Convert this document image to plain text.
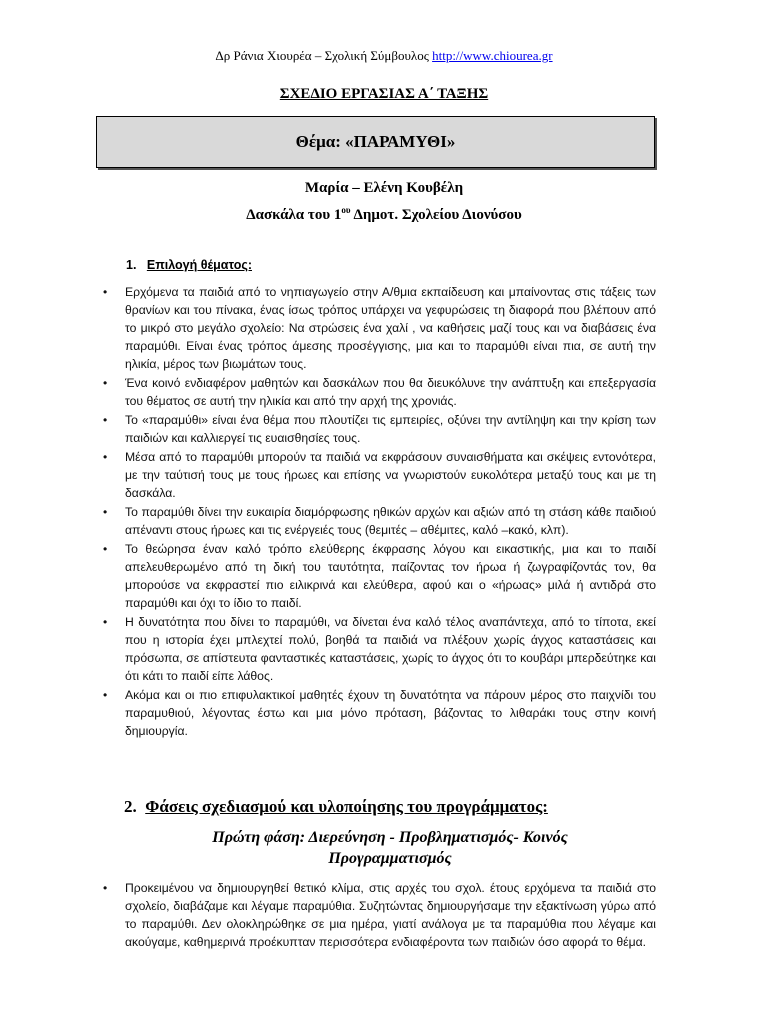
Δρ Ράνια Χιουρέα – Σχολική Σύμβουλος http://www.chiourea.gr
ΣΧΕΔΙΟ ΕΡΓΑΣΙΑΣ Α΄ ΤΑΞΗΣ
Θέμα: «ΠΑΡΑΜΥΘΙ»
Μαρία – Ελένη Κουβέλη
Δασκάλα του $1^{o\upsilon}$ Δημοτ. Σχολείου Διονύσου
1. Επιλογή θέματος:
• Ερχόμενα τα παιδιά από το νηπιαγωγείο στην Α/θμια εκπαίδευση και μπαίνοντας στις τάξεις των θρανίων και του πίνακα, ένας ίσως τρόπος υπάρχει να γεφυρώσεις τη διαφορά που βλέπουν από το μικρό στο μεγάλο σχολείο: Να στρώσεις ένα χαλί , να καθήσεις μαζί τους και να διαβάσεις ένα παραμύθι. Είναι ένας τρόπος άμεσης προσέγγισης, μια και το παραμύθι είναι πια, σε αυτή την ηλικία, μέρος των βιωμάτων τους.
• Ένα κοινό ενδιαφέρον μαθητών και δασκάλων που θα διευκόλυνε την ανάπτυξη και επεξεργασία του θέματος σε αυτή την ηλικία και από την αρχή της χρονιάς.
• Το «παραμύθι» είναι ένα θέμα που πλουτίζει τις εμπειρίες, οξύνει την αντίληψη και την κρίση των παιδιών και καλλιεργεί τις ευαισθησίες τους.
• Μέσα από το παραμύθι μπορούν τα παιδιά να εκφράσουν συναισθήματα και σκέψεις εντονότερα, με την ταύτισή τους με τους ήρωες και επίσης να γνωριστούν ευκολότερα μεταξύ τους και με τη δασκάλα.
• Το παραμύθι δίνει την ευκαιρία διαμόρφωσης ηθικών αρχών και αξιών από τη στάση κάθε παιδιού απέναντι στους ήρωες και τις ενέργειές τους (θεμιτές – αθέμιτες, καλό –κακό, κλπ).
• Το θεώρησα έναν καλό τρόπο ελεύθερης έκφρασης λόγου και εικαστικής, μια και το παιδί απελευθερωμένο από τη δική του ταυτότητα, παίζοντας τον ήρωα ή ζωγραφίζοντάς τον, θα μπορούσε να εκφραστεί πιο ειλικρινά και ελεύθερα, αφού και ο «ήρωας» μιλά ή αντιδρά στο παραμύθι και όχι το ίδιο το παιδί.
• Η δυνατότητα που δίνει το παραμύθι, να δίνεται ένα καλό τέλος αναπάντεχα, από το τίποτα, εκεί που η ιστορία έχει μπλεχτεί πολύ, βοηθά τα παιδιά να πλέξουν χωρίς άγχος καταστάσεις και πρόσωπα, σε απίστευτα φανταστικές καταστάσεις, χωρίς το άγχος ότι το κουβάρι μπερδεύτηκε και ότι κάτι το παιδί είπε λάθος.
• Ακόμα και οι πιο επιφυλακτικοί μαθητές έχουν τη δυνατότητα να πάρουν μέρος στο παιχνίδι του παραμυθιού, λέγοντας έστω και μια μόνο πρόταση, βάζοντας το λιθαράκι τους στην κοινή δημιουργία.
2. Φάσεις σχεδιασμού και υλοποίησης του προγράμματος:
Πρώτη φάση: Διερεύνηση - Προβληματισμός- Κοινός Προγραμματισμός
• Προκειμένου να δημιουργηθεί θετικό κλίμα, στις αρχές του σχολ. έτους ερχόμενα τα παιδιά στο σχολείο, διαβάζαμε και λέγαμε παραμύθια. Συζητώντας δημιουργήσαμε την εξακτίνωση γύρω από το παραμύθι. Δεν ολοκληρώθηκε σε μια ημέρα, γιατί ανάλογα με τα παραμύθια που λέγαμε και ακούγαμε, καθημερινά προέκυπταν περισσότερα ενδιαφέροντα των παιδιών όσο αφορά το θέμα.
